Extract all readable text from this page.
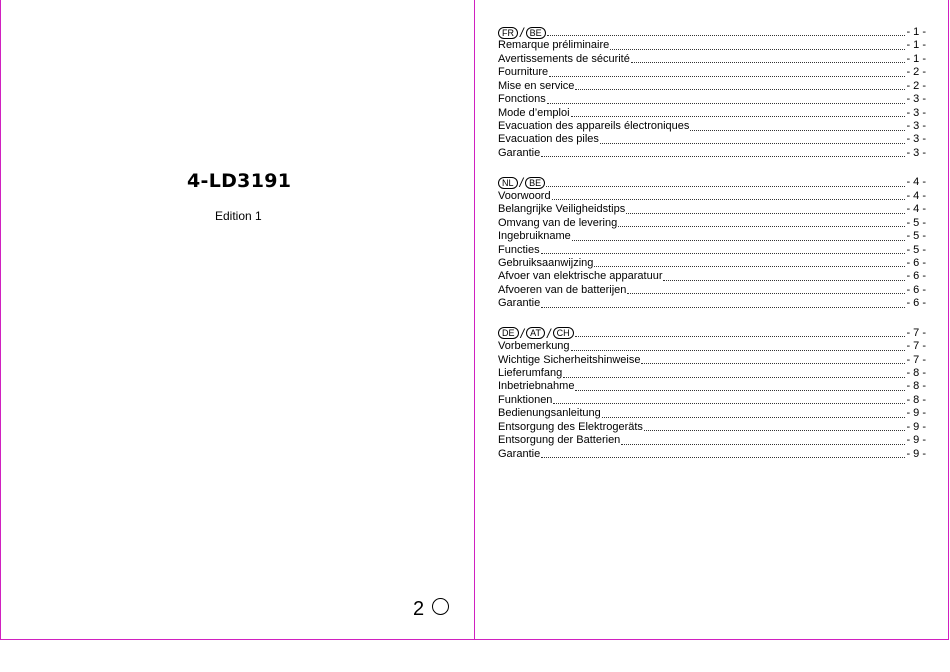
4-LD3191
Edition 1
2
FR / BE	- 1 -
Remarque préliminaire	- 1 -
Avertissements de sécurité	- 1 -
Fourniture	- 2 -
Mise en service	- 2 -
Fonctions	- 3 -
Mode d’emploi	- 3 -
Evacuation des appareils électroniques	- 3 -
Evacuation des piles	- 3 -
Garantie	- 3 -
NL / BE	- 4 -
Voorwoord	- 4 -
Belangrijke Veiligheidstips	- 4 -
Omvang van de levering	- 5 -
Ingebruikname	- 5 -
Functies	- 5 -
Gebruiksaanwijzing	- 6 -
Afvoer van elektrische apparatuur	- 6 -
Afvoeren van de batterijen	- 6 -
Garantie	- 6 -
DE / AT / CH	- 7 -
Vorbemerkung	- 7 -
Wichtige Sicherheitshinweise	- 7 -
Lieferumfang	- 8 -
Inbetriebnahme	- 8 -
Funktionen	- 8 -
Bedienungsanleitung	- 9 -
Entsorgung des Elektrogeräts	- 9 -
Entsorgung der Batterien	- 9 -
Garantie	- 9 -
